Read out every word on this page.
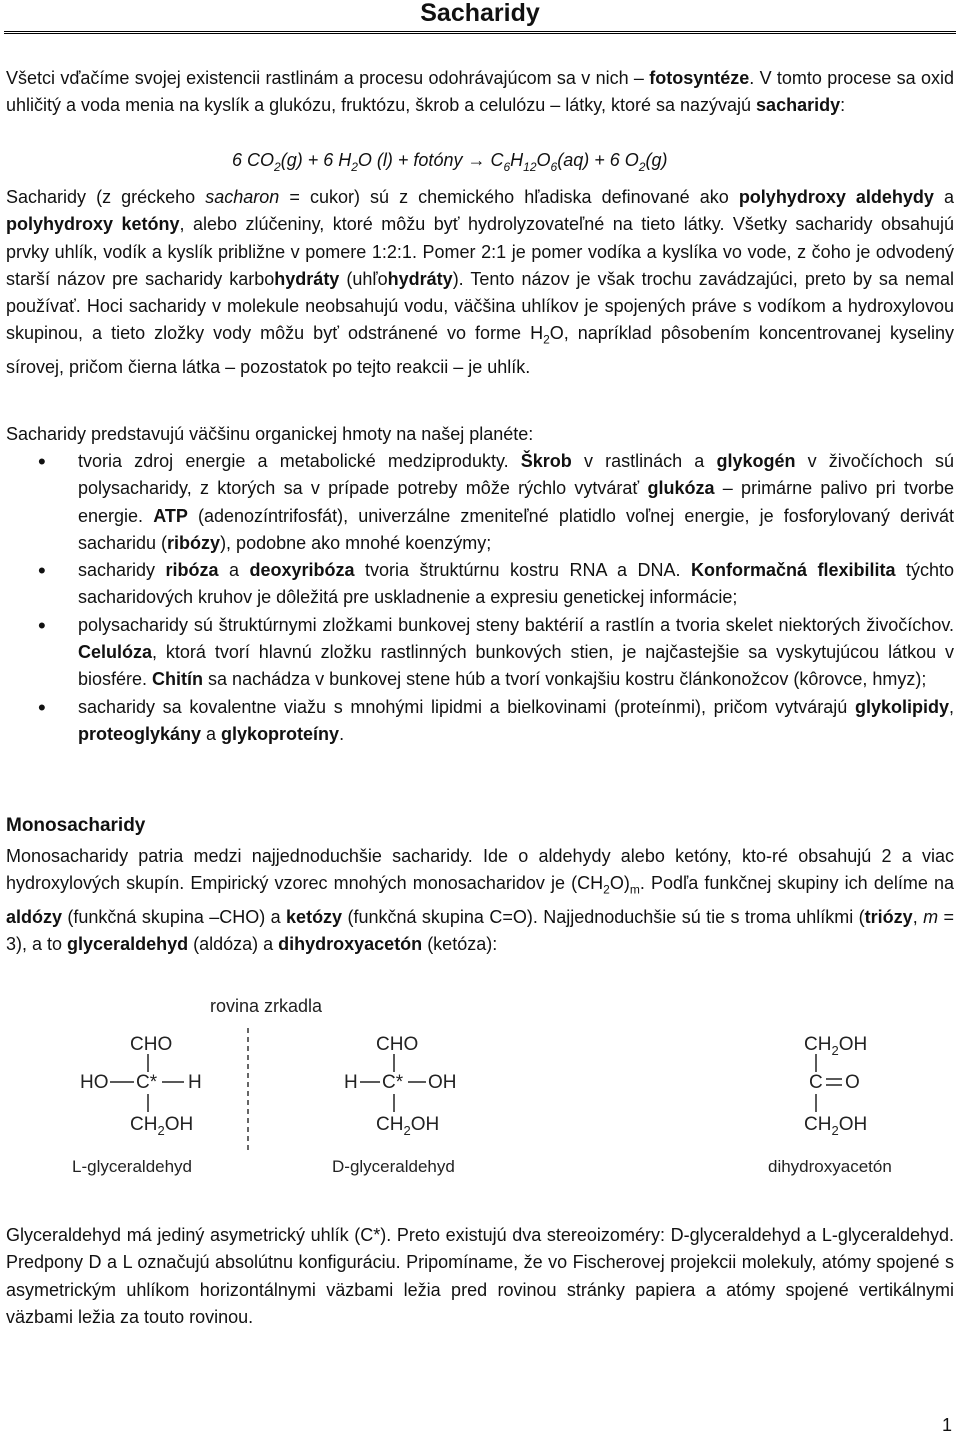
Sacharidy
Všetci vďačíme svojej existencii rastlinám a procesu odohrávajúcom sa v nich – fotosyntéze. V tomto procese sa oxid uhličitý a voda menia na kyslík a glukózu, fruktózu, škrob a celulózu – látky, ktoré sa nazývajú sacharidy:
6 $CO_2(g) + 6$ $H_2O$ (l) + fotóny → $C_6H_{12}O_6(aq) + 6$ $O_2(g)$
Sacharidy (z gréckeho sacharon = cukor) sú z chemického hľadiska definované ako polyhydroxy aldehydy a polyhydroxy ketóny, alebo zlúčeniny, ktoré môžu byť hydrolyzovateľné na tieto látky. Všetky sacharidy obsahujú prvky uhlík, vodík a kyslík približne v pomere 1:2:1. Pomer 2:1 je pomer vodíka a kyslíka vo vode, z čoho je odvodený starší názov pre sacharidy karbohydráty (uhľohydráty). Tento názov je však trochu zavádzajúci, preto by sa nemal používať. Hoci sacharidy v molekule neobsahujú vodu, väčšina uhlíkov je spojených práve s vodíkom a hydroxylovou skupinou, a tieto zložky vody môžu byť odstránené vo forme $H_2O$, napríklad pôsobením koncentrovanej kyseliny sírovej, pričom čierna látka – pozostatok po tejto reakcii – je uhlík.
Sacharidy predstavujú väčšinu organickej hmoty na našej planéte:
• tvoria zdroj energie a metabolické medziprodukty. Škrob v rastlinách a glykogén v živočíchoch sú polysacharidy, z ktorých sa v prípade potreby môže rýchlo vytvárať glukóza – primárne palivo pri tvorbe energie. ATP (adenozíntrifosfát), univerzálne zmeniteľné platidlo voľnej energie, je fosforylovaný derivát sacharidu (ribózy), podobne ako mnohé koenzýmy;
• sacharidy ribóza a deoxyribóza tvoria štruktúrnu kostru RNA a DNA. Konformačná flexibilita týchto sacharidových kruhov je dôležitá pre uskladnenie a expresiu genetickej informácie;
• polysacharidy sú štruktúrnymi zložkami bunkovej steny baktérií a rastlín a tvoria skelet niektorých živočíchov. Celulóza, ktorá tvorí hlavnú zložku rastlinných bunkových stien, je najčastejšie sa vyskytujúcou látkou v biosfére. Chitín sa nachádza v bunkovej stene húb a tvorí vonkajšiu kostru článkonožcov (kôrovce, hmyz);
• sacharidy sa kovalentne viažu s mnohými lipidmi a bielkovinami (proteínmi), pričom vytvárajú glykolipidy, proteoglykány a glykoproteíny.
Monosacharidy
Monosacharidy patria medzi najjednoduchšie sacharidy. Ide o aldehydy alebo ketóny, kto-ré obsahujú 2 a viac hydroxylových skupín. Empirický vzorec mnohých monosacharidov je $(CH_2O)_m$. Podľa funkčnej skupiny ich delíme na aldózy (funkčná skupina –CHO) a ketózy (funkčná skupina C=O). Najjednoduchšie sú tie s troma uhlíkmi (triózy, m = 3), a to glyceraldehyd (aldóza) a dihydroxyacetón (ketóza):
rovina zrkadla
CHO
HO C* H
$CH_2OH$
L-glyceraldehyd
CHO
H C* OH
$CH_2OH$
D-glyceraldehyd
$CH_2OH$
C O
$CH_2OH$
dihydroxyacetón
Glyceraldehyd má jediný asymetrický uhlík (C*). Preto existujú dva stereoizoméry: D-glyceraldehyd a L-glyceraldehyd. Predpony D a L označujú absolútnu konfiguráciu. Pripomíname, že vo Fischerovej projekcii molekuly, atómy spojené s asymetrickým uhlíkom horizontálnymi väzbami ležia pred rovinou stránky papiera a atómy spojené vertikálnymi väzbami ležia za touto rovinou.
1
